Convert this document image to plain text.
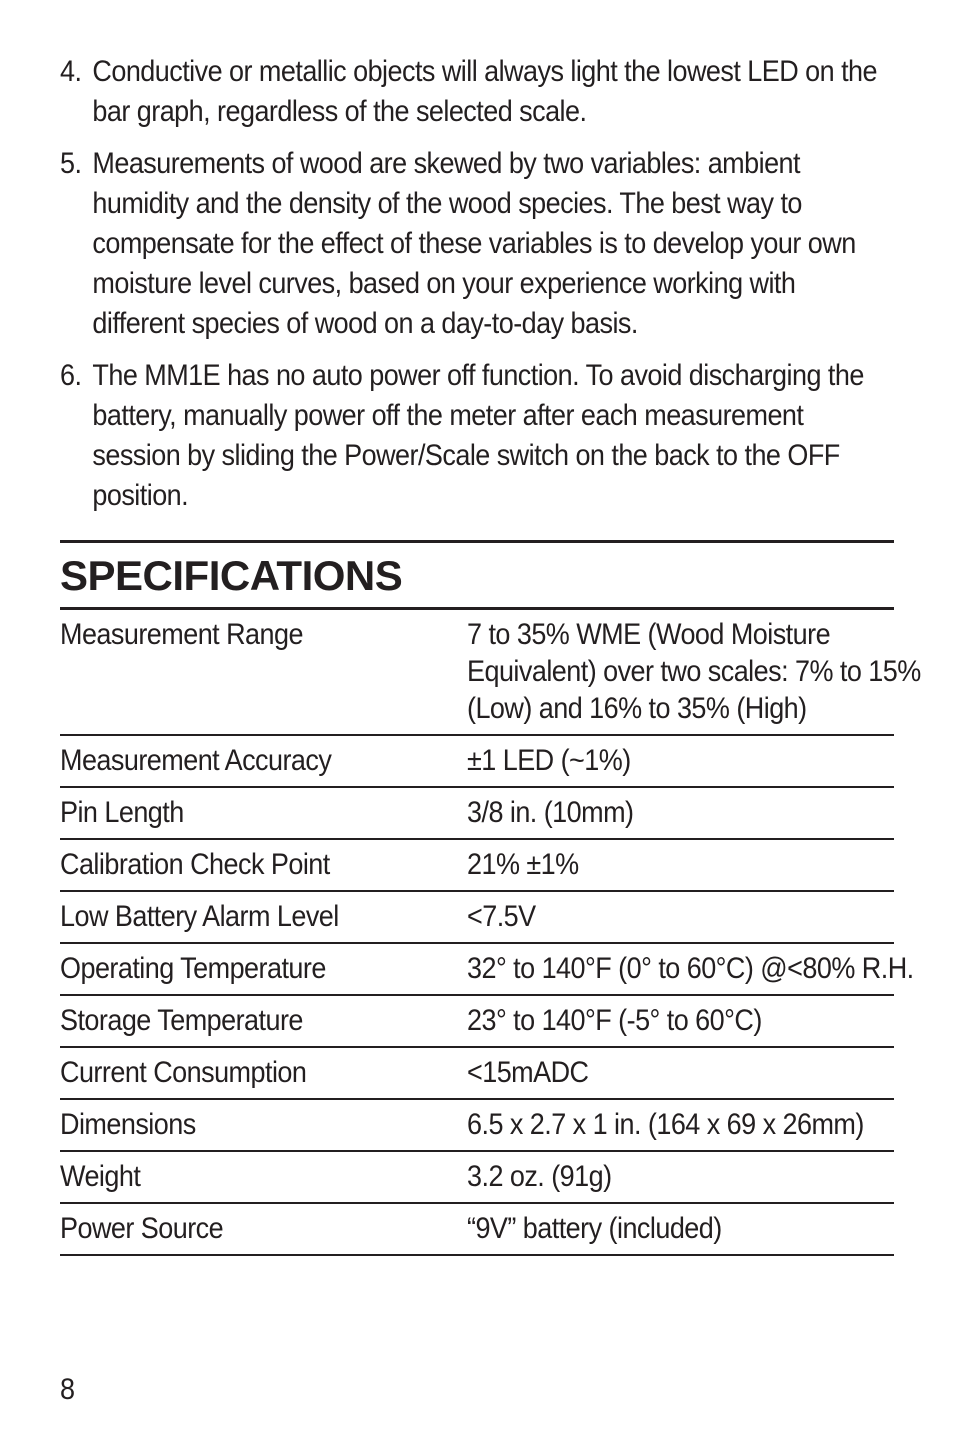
4. Conductive or metallic objects will always light the lowest LED on the bar graph, regardless of the selected scale.
5. Measurements of wood are skewed by two variables: ambient humidity and the density of the wood species. The best way to compensate for the effect of these variables is to develop your own moisture level curves, based on your experience working with different species of wood on a day-to-day basis.
6. The MM1E has no auto power off function. To avoid discharging the battery, manually power off the meter after each measurement session by sliding the Power/Scale switch on the back to the OFF position.
SPECIFICATIONS
Measurement Range	7 to 35% WME (Wood Moisture Equivalent) over two scales: 7% to 15% (Low) and 16% to 35% (High)
Measurement Accuracy	±1 LED (~1%)
Pin Length	3/8 in. (10mm)
Calibration Check Point	21% ±1%
Low Battery Alarm Level	<7.5V
Operating Temperature	32° to 140°F (0° to 60°C) @<80% R.H.
Storage Temperature	23° to 140°F (-5° to 60°C)
Current Consumption	<15mADC
Dimensions	6.5 x 2.7 x 1 in. (164 x 69 x 26mm)
Weight	3.2 oz. (91g)
Power Source	“9V” battery (included)
8
